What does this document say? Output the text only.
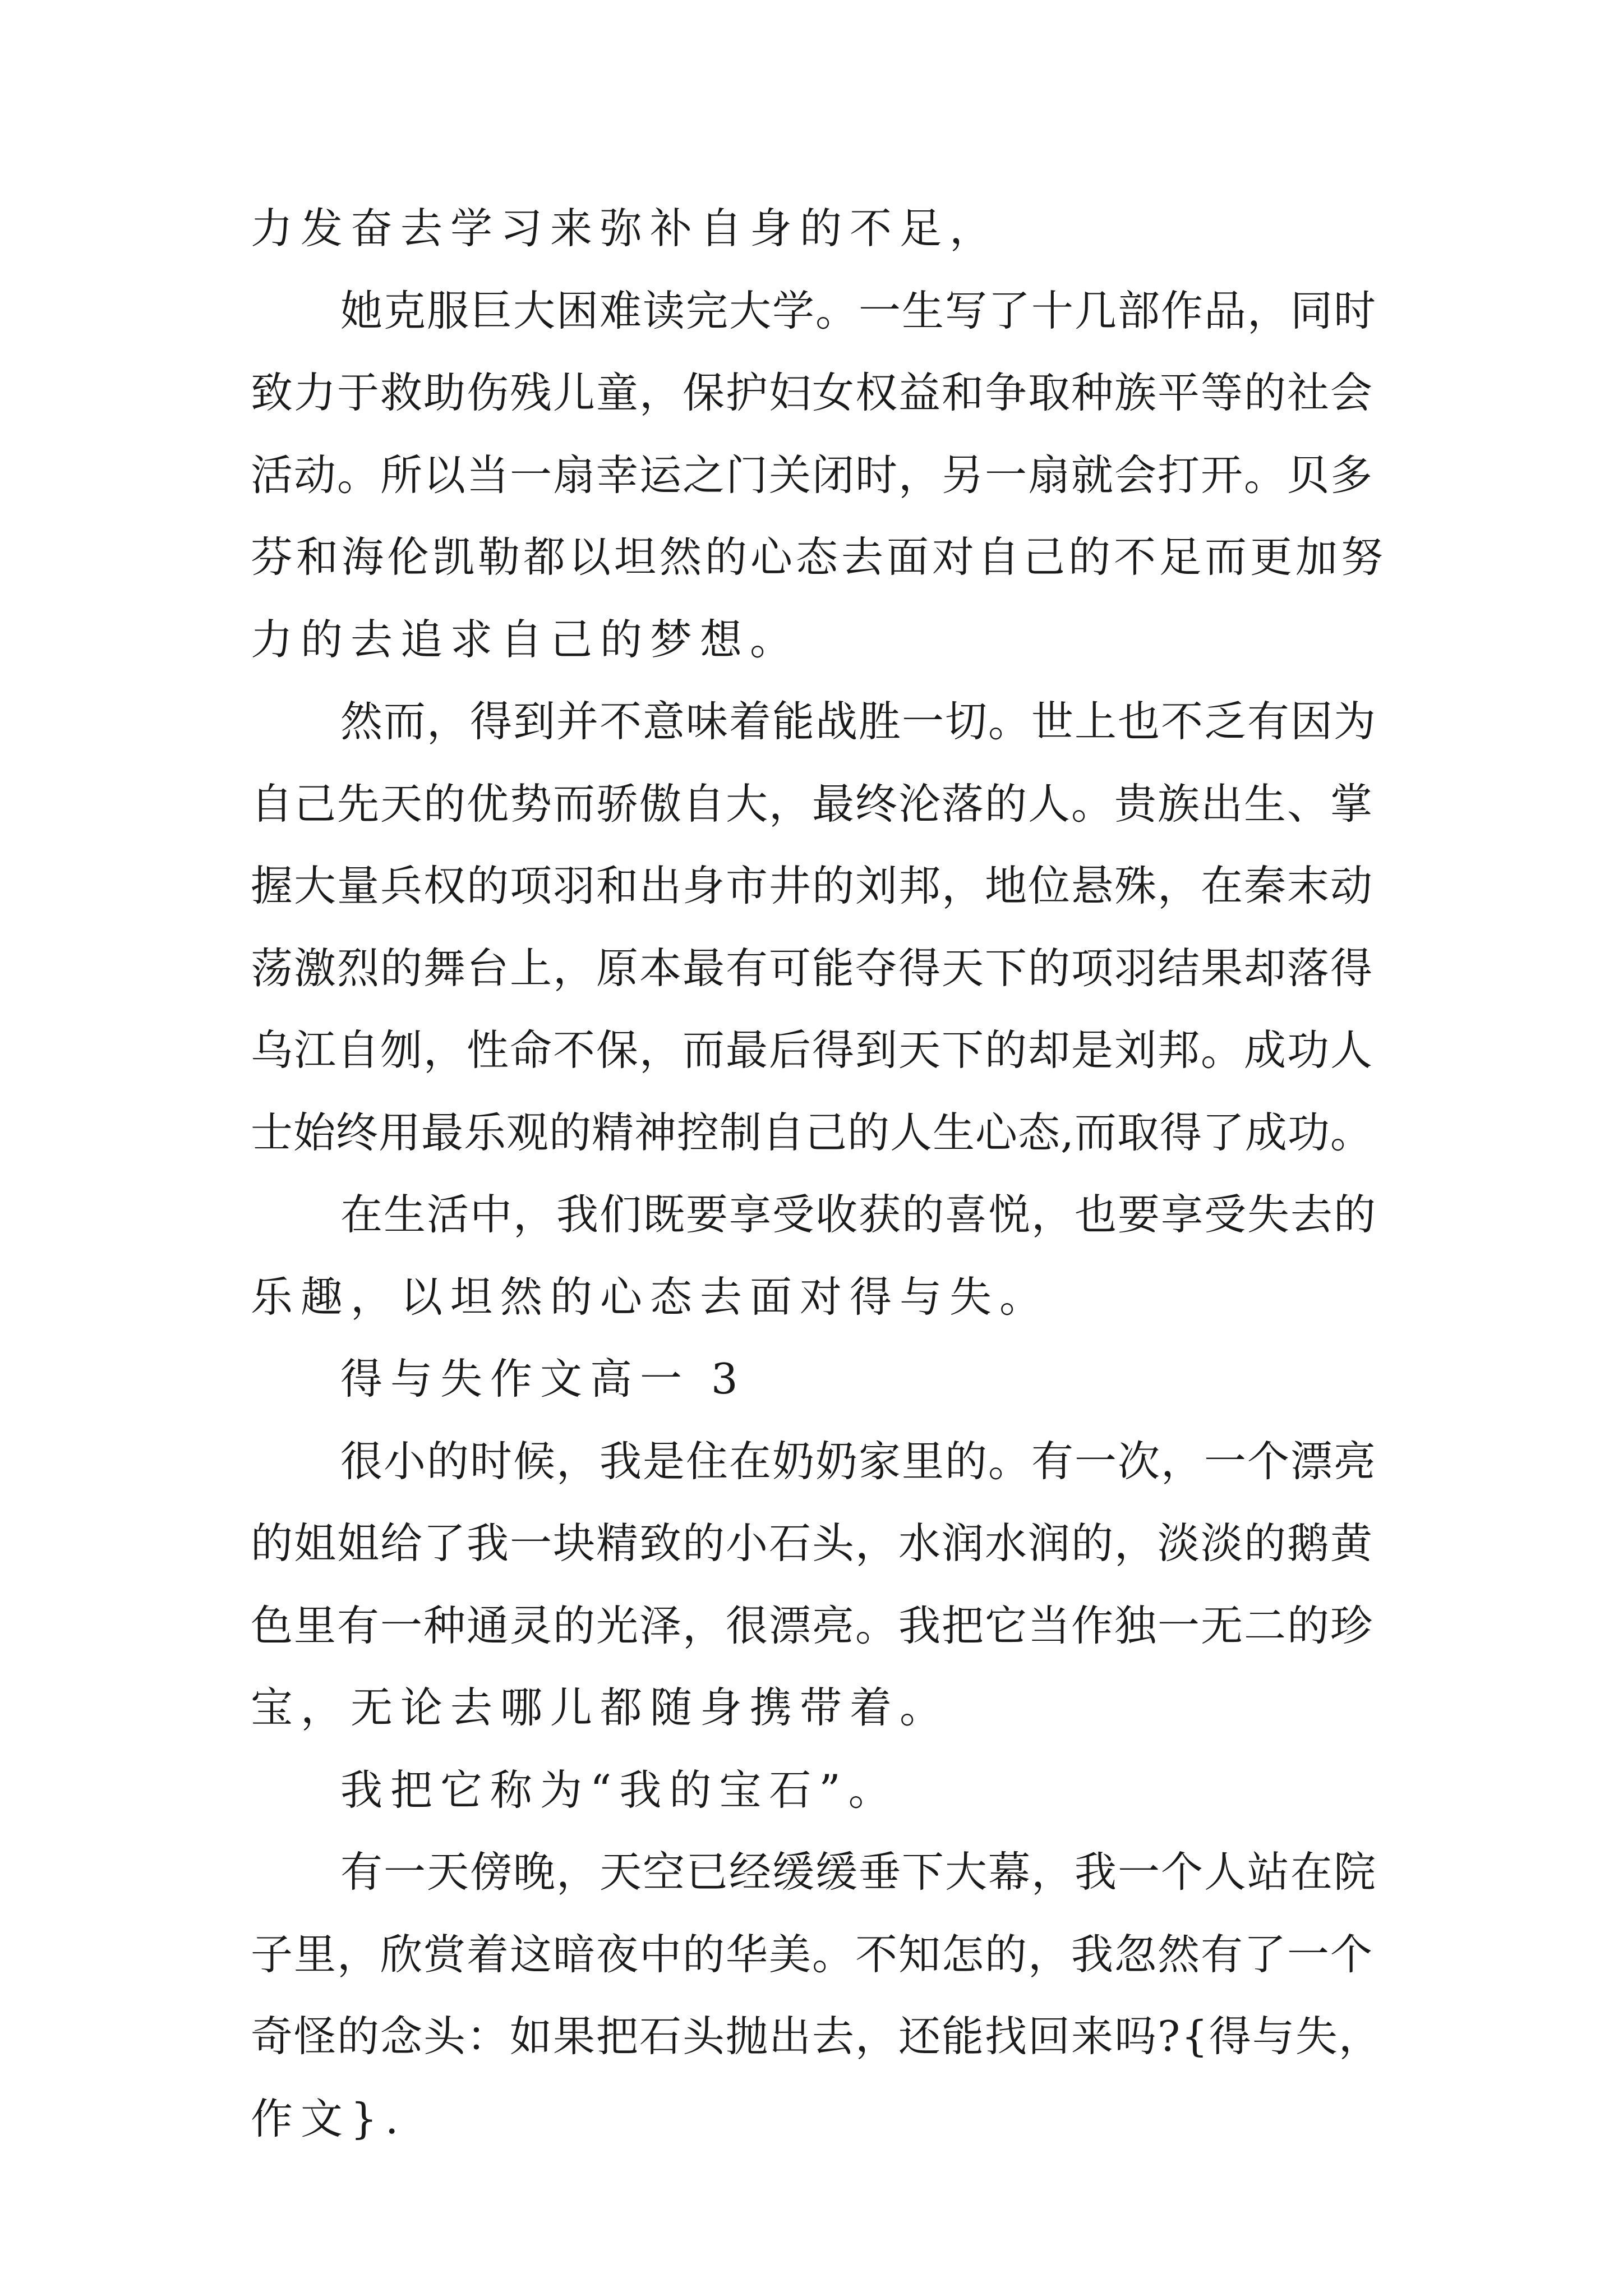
力发奋去学习来弥补自身的不足，
她克服巨大困难读完大学。一生写了十几部作品，同时
致力于救助伤残儿童，保护妇女权益和争取种族平等的社会
活动。所以当一扇幸运之门关闭时，另一扇就会打开。贝多
芬和海伦凯勒都以坦然的心态去面对自己的不足而更加努
力的去追求自己的梦想。
然而，得到并不意味着能战胜一切。世上也不乏有因为
自己先天的优势而骄傲自大，最终沦落的人。贵族出生、掌
握大量兵权的项羽和出身市井的刘邦，地位悬殊，在秦末动
荡激烈的舞台上，原本最有可能夺得天下的项羽结果却落得
乌江自刎，性命不保，而最后得到天下的却是刘邦。成功人
士始终用最乐观的精神控制自己的人生心态,而取得了成功。
在生活中，我们既要享受收获的喜悦，也要享受失去的
乐趣，以坦然的心态去面对得与失。
得与失作文高一 3
很小的时候，我是住在奶奶家里的。有一次，一个漂亮
的姐姐给了我一块精致的小石头，水润水润的，淡淡的鹅黄
色里有一种通灵的光泽，很漂亮。我把它当作独一无二的珍
宝，无论去哪儿都随身携带着。
我把它称为“我的宝石”。
有一天傍晚，天空已经缓缓垂下大幕，我一个人站在院
子里，欣赏着这暗夜中的华美。不知怎的，我忽然有了一个
奇怪的念头：如果把石头抛出去，还能找回来吗?{得与失，
作文}.
